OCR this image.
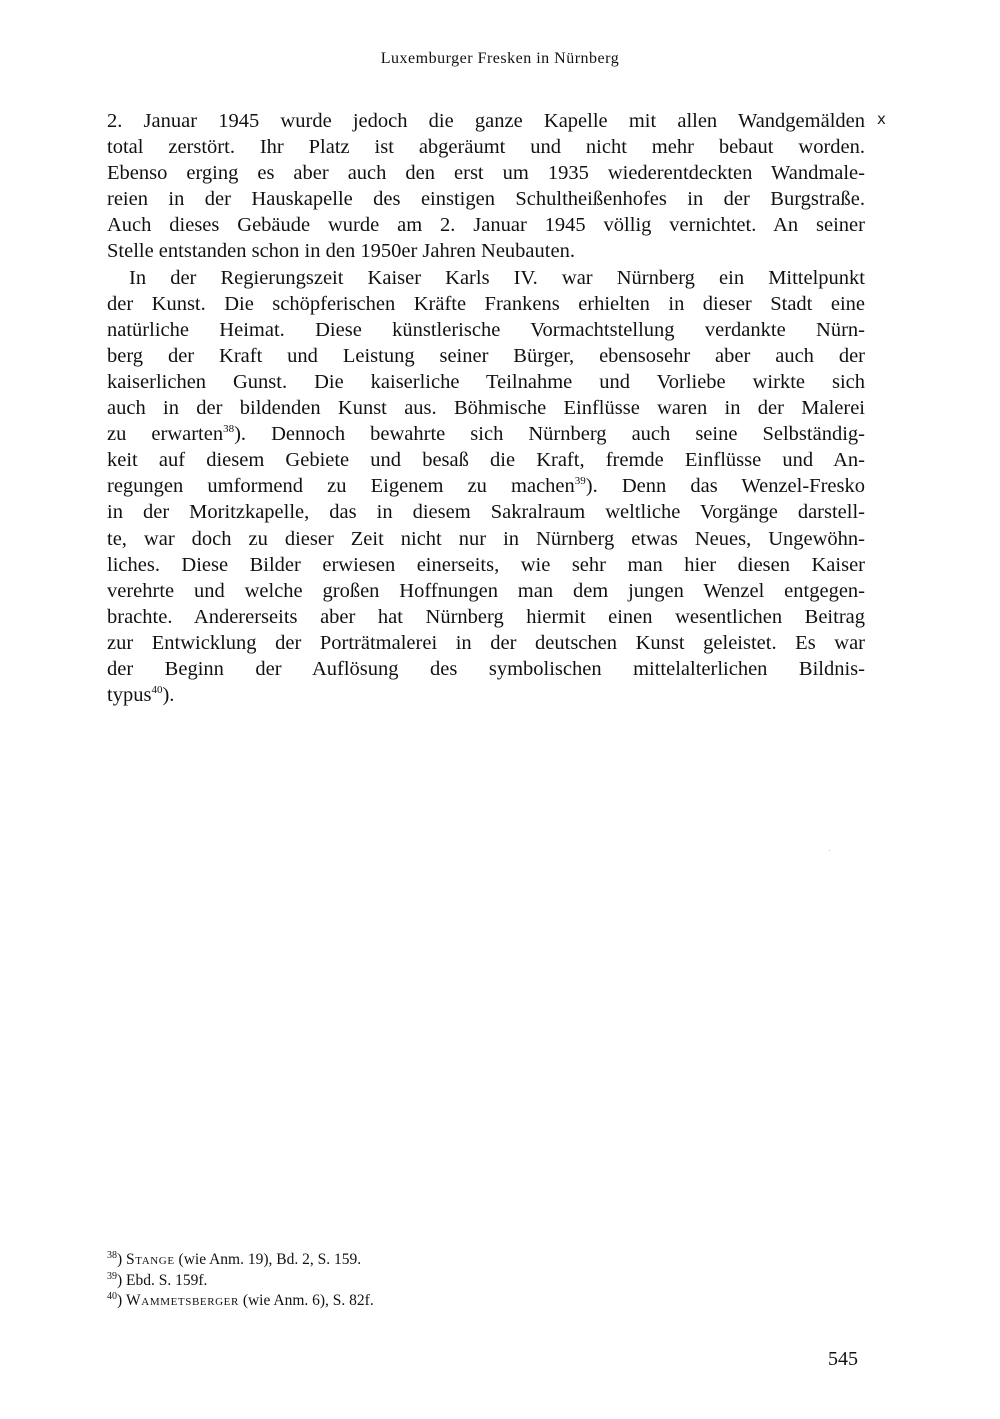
Luxemburger Fresken in Nürnberg
x
2. Januar 1945 wurde jedoch die ganze Kapelle mit allen Wandgemälden
total zerstört. Ihr Platz ist abgeräumt und nicht mehr bebaut worden.
Ebenso erging es aber auch den erst um 1935 wiederentdeckten Wandmale-
reien in der Hauskapelle des einstigen Schultheißenhofes in der Burgstraße.
Auch dieses Gebäude wurde am 2. Januar 1945 völlig vernichtet. An seiner
Stelle entstanden schon in den 1950er Jahren Neubauten.
In der Regierungszeit Kaiser Karls IV. war Nürnberg ein Mittelpunkt
der Kunst. Die schöpferischen Kräfte Frankens erhielten in dieser Stadt eine
natürliche Heimat. Diese künstlerische Vormachtstellung verdankte Nürn-
berg der Kraft und Leistung seiner Bürger, ebensosehr aber auch der
kaiserlichen Gunst. Die kaiserliche Teilnahme und Vorliebe wirkte sich
auch in der bildenden Kunst aus. Böhmische Einflüsse waren in der Malerei
zu erwarten$^{38}$). Dennoch bewahrte sich Nürnberg auch seine Selbständig-
keit auf diesem Gebiete und besaß die Kraft, fremde Einflüsse und An-
regungen umformend zu Eigenem zu machen$^{39}$). Denn das Wenzel-Fresko
in der Moritzkapelle, das in diesem Sakralraum weltliche Vorgänge darstell-
te, war doch zu dieser Zeit nicht nur in Nürnberg etwas Neues, Ungewöhn-
liches. Diese Bilder erwiesen einerseits, wie sehr man hier diesen Kaiser
verehrte und welche großen Hoffnungen man dem jungen Wenzel entgegen-
brachte. Andererseits aber hat Nürnberg hiermit einen wesentlichen Beitrag
zur Entwicklung der Porträtmalerei in der deutschen Kunst geleistet. Es war
der Beginn der Auflösung des symbolischen mittelalterlichen Bildnis-
typus$^{40}$).
$^{38}$) Stange (wie Anm. 19), Bd. 2, S. 159.
$^{39}$) Ebd. S. 159f.
$^{40}$) Wammetsberger (wie Anm. 6), S. 82f.
545
